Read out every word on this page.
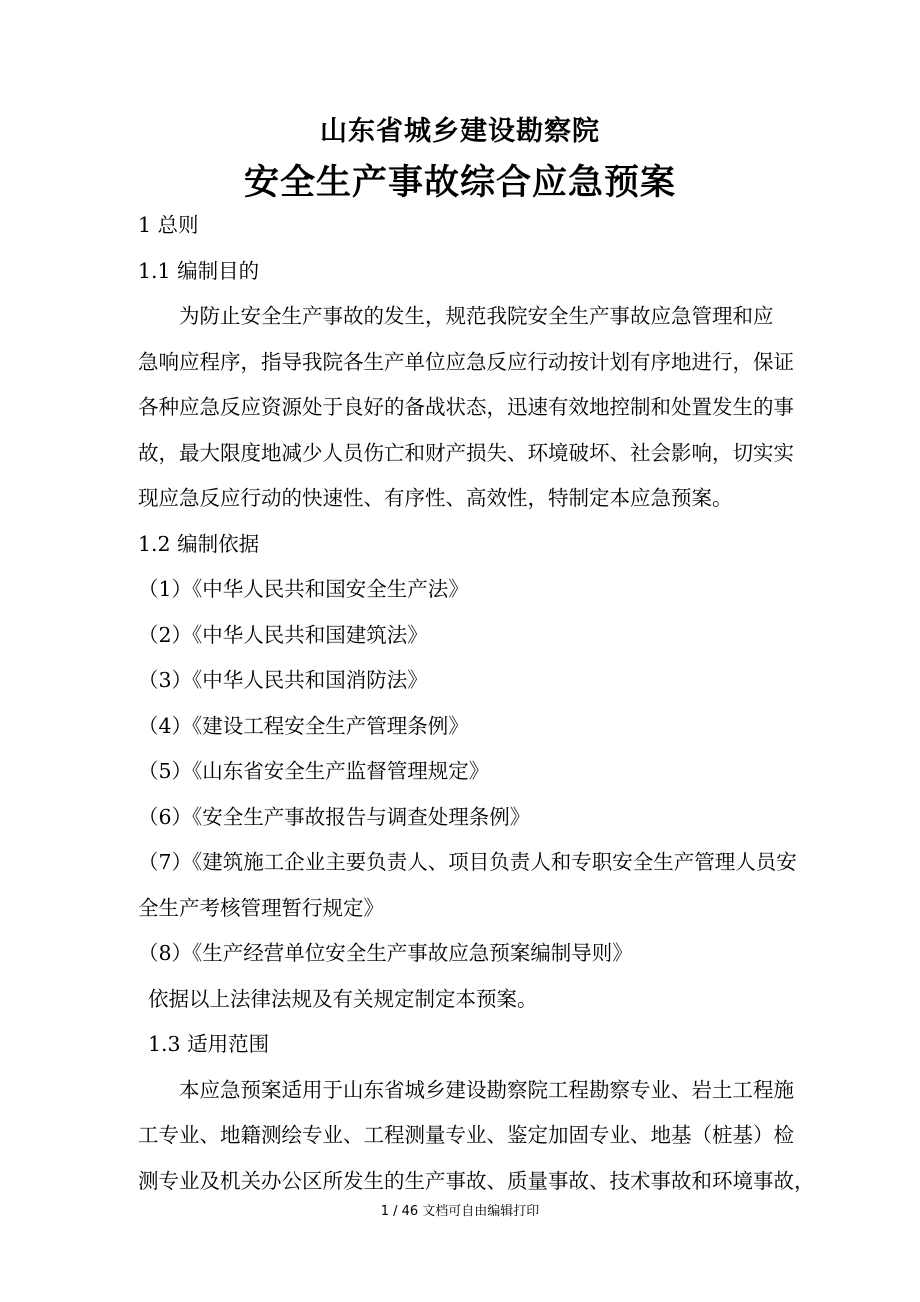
山东省城乡建设勘察院
安全生产事故综合应急预案
1 总则
1.1 编制目的
为防止安全生产事故的发生，规范我院安全生产事故应急管理和应
急响应程序，指导我院各生产单位应急反应行动按计划有序地进行，保证
各种应急反应资源处于良好的备战状态，迅速有效地控制和处置发生的事
故，最大限度地减少人员伤亡和财产损失、环境破坏、社会影响，切实实
现应急反应行动的快速性、有序性、高效性，特制定本应急预案。
1.2 编制依据
（1）《中华人民共和国安全生产法》
（2）《中华人民共和国建筑法》
（3）《中华人民共和国消防法》
（4）《建设工程安全生产管理条例》
（5）《山东省安全生产监督管理规定》
（6）《安全生产事故报告与调查处理条例》
（7）《建筑施工企业主要负责人、项目负责人和专职安全生产管理人员安
全生产考核管理暂行规定》
（8）《生产经营单位安全生产事故应急预案编制导则》
依据以上法律法规及有关规定制定本预案。
1.3 适用范围
本应急预案适用于山东省城乡建设勘察院工程勘察专业、岩土工程施
工专业、地籍测绘专业、工程测量专业、鉴定加固专业、地基（桩基）检
测专业及机关办公区所发生的生产事故、质量事故、技术事故和环境事故，
1 / 46 文档可自由编辑打印
